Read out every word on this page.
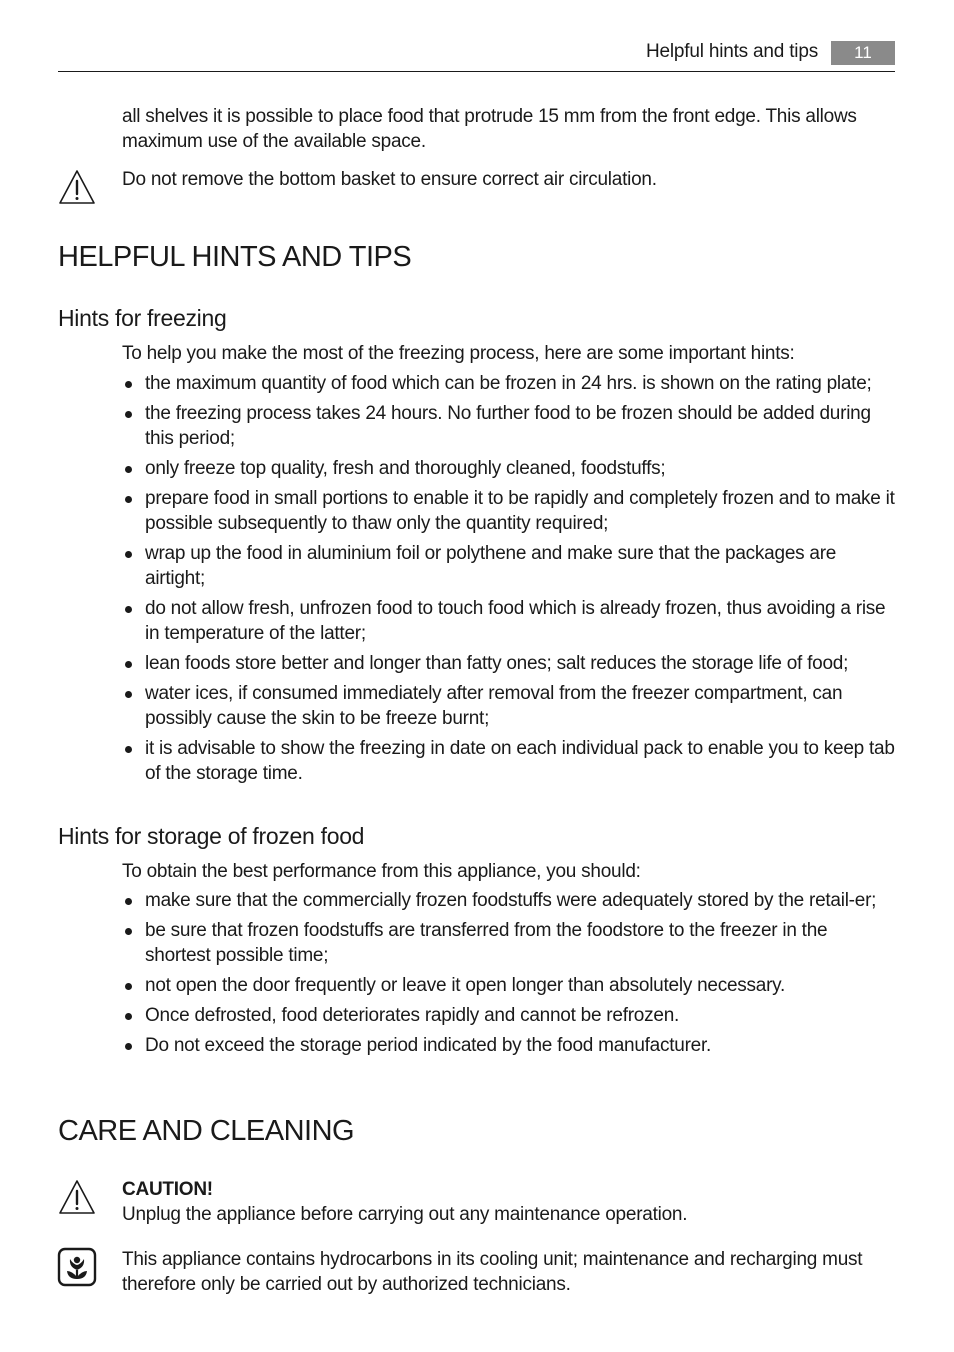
Helpful hints and tips	11
all shelves it is possible to place food that protrude 15 mm from the front edge. This allows maximum use of the available space.
Do not remove the bottom basket to ensure correct air circulation.
HELPFUL HINTS AND TIPS
Hints for freezing
To help you make the most of the freezing process, here are some important hints:
the maximum quantity of food which can be frozen in 24 hrs. is shown on the rating plate;
the freezing process takes 24 hours. No further food to be frozen should be added during this period;
only freeze top quality, fresh and thoroughly cleaned, foodstuffs;
prepare food in small portions to enable it to be rapidly and completely frozen and to make it possible subsequently to thaw only the quantity required;
wrap up the food in aluminium foil or polythene and make sure that the packages are airtight;
do not allow fresh, unfrozen food to touch food which is already frozen, thus avoiding a rise in temperature of the latter;
lean foods store better and longer than fatty ones; salt reduces the storage life of food;
water ices, if consumed immediately after removal from the freezer compartment, can possibly cause the skin to be freeze burnt;
it is advisable to show the freezing in date on each individual pack to enable you to keep tab of the storage time.
Hints for storage of frozen food
To obtain the best performance from this appliance, you should:
make sure that the commercially frozen foodstuffs were adequately stored by the retail-er;
be sure that frozen foodstuffs are transferred from the foodstore to the freezer in the shortest possible time;
not open the door frequently or leave it open longer than absolutely necessary.
Once defrosted, food deteriorates rapidly and cannot be refrozen.
Do not exceed the storage period indicated by the food manufacturer.
CARE AND CLEANING
CAUTION!
Unplug the appliance before carrying out any maintenance operation.
This appliance contains hydrocarbons in its cooling unit; maintenance and recharging must therefore only be carried out by authorized technicians.
